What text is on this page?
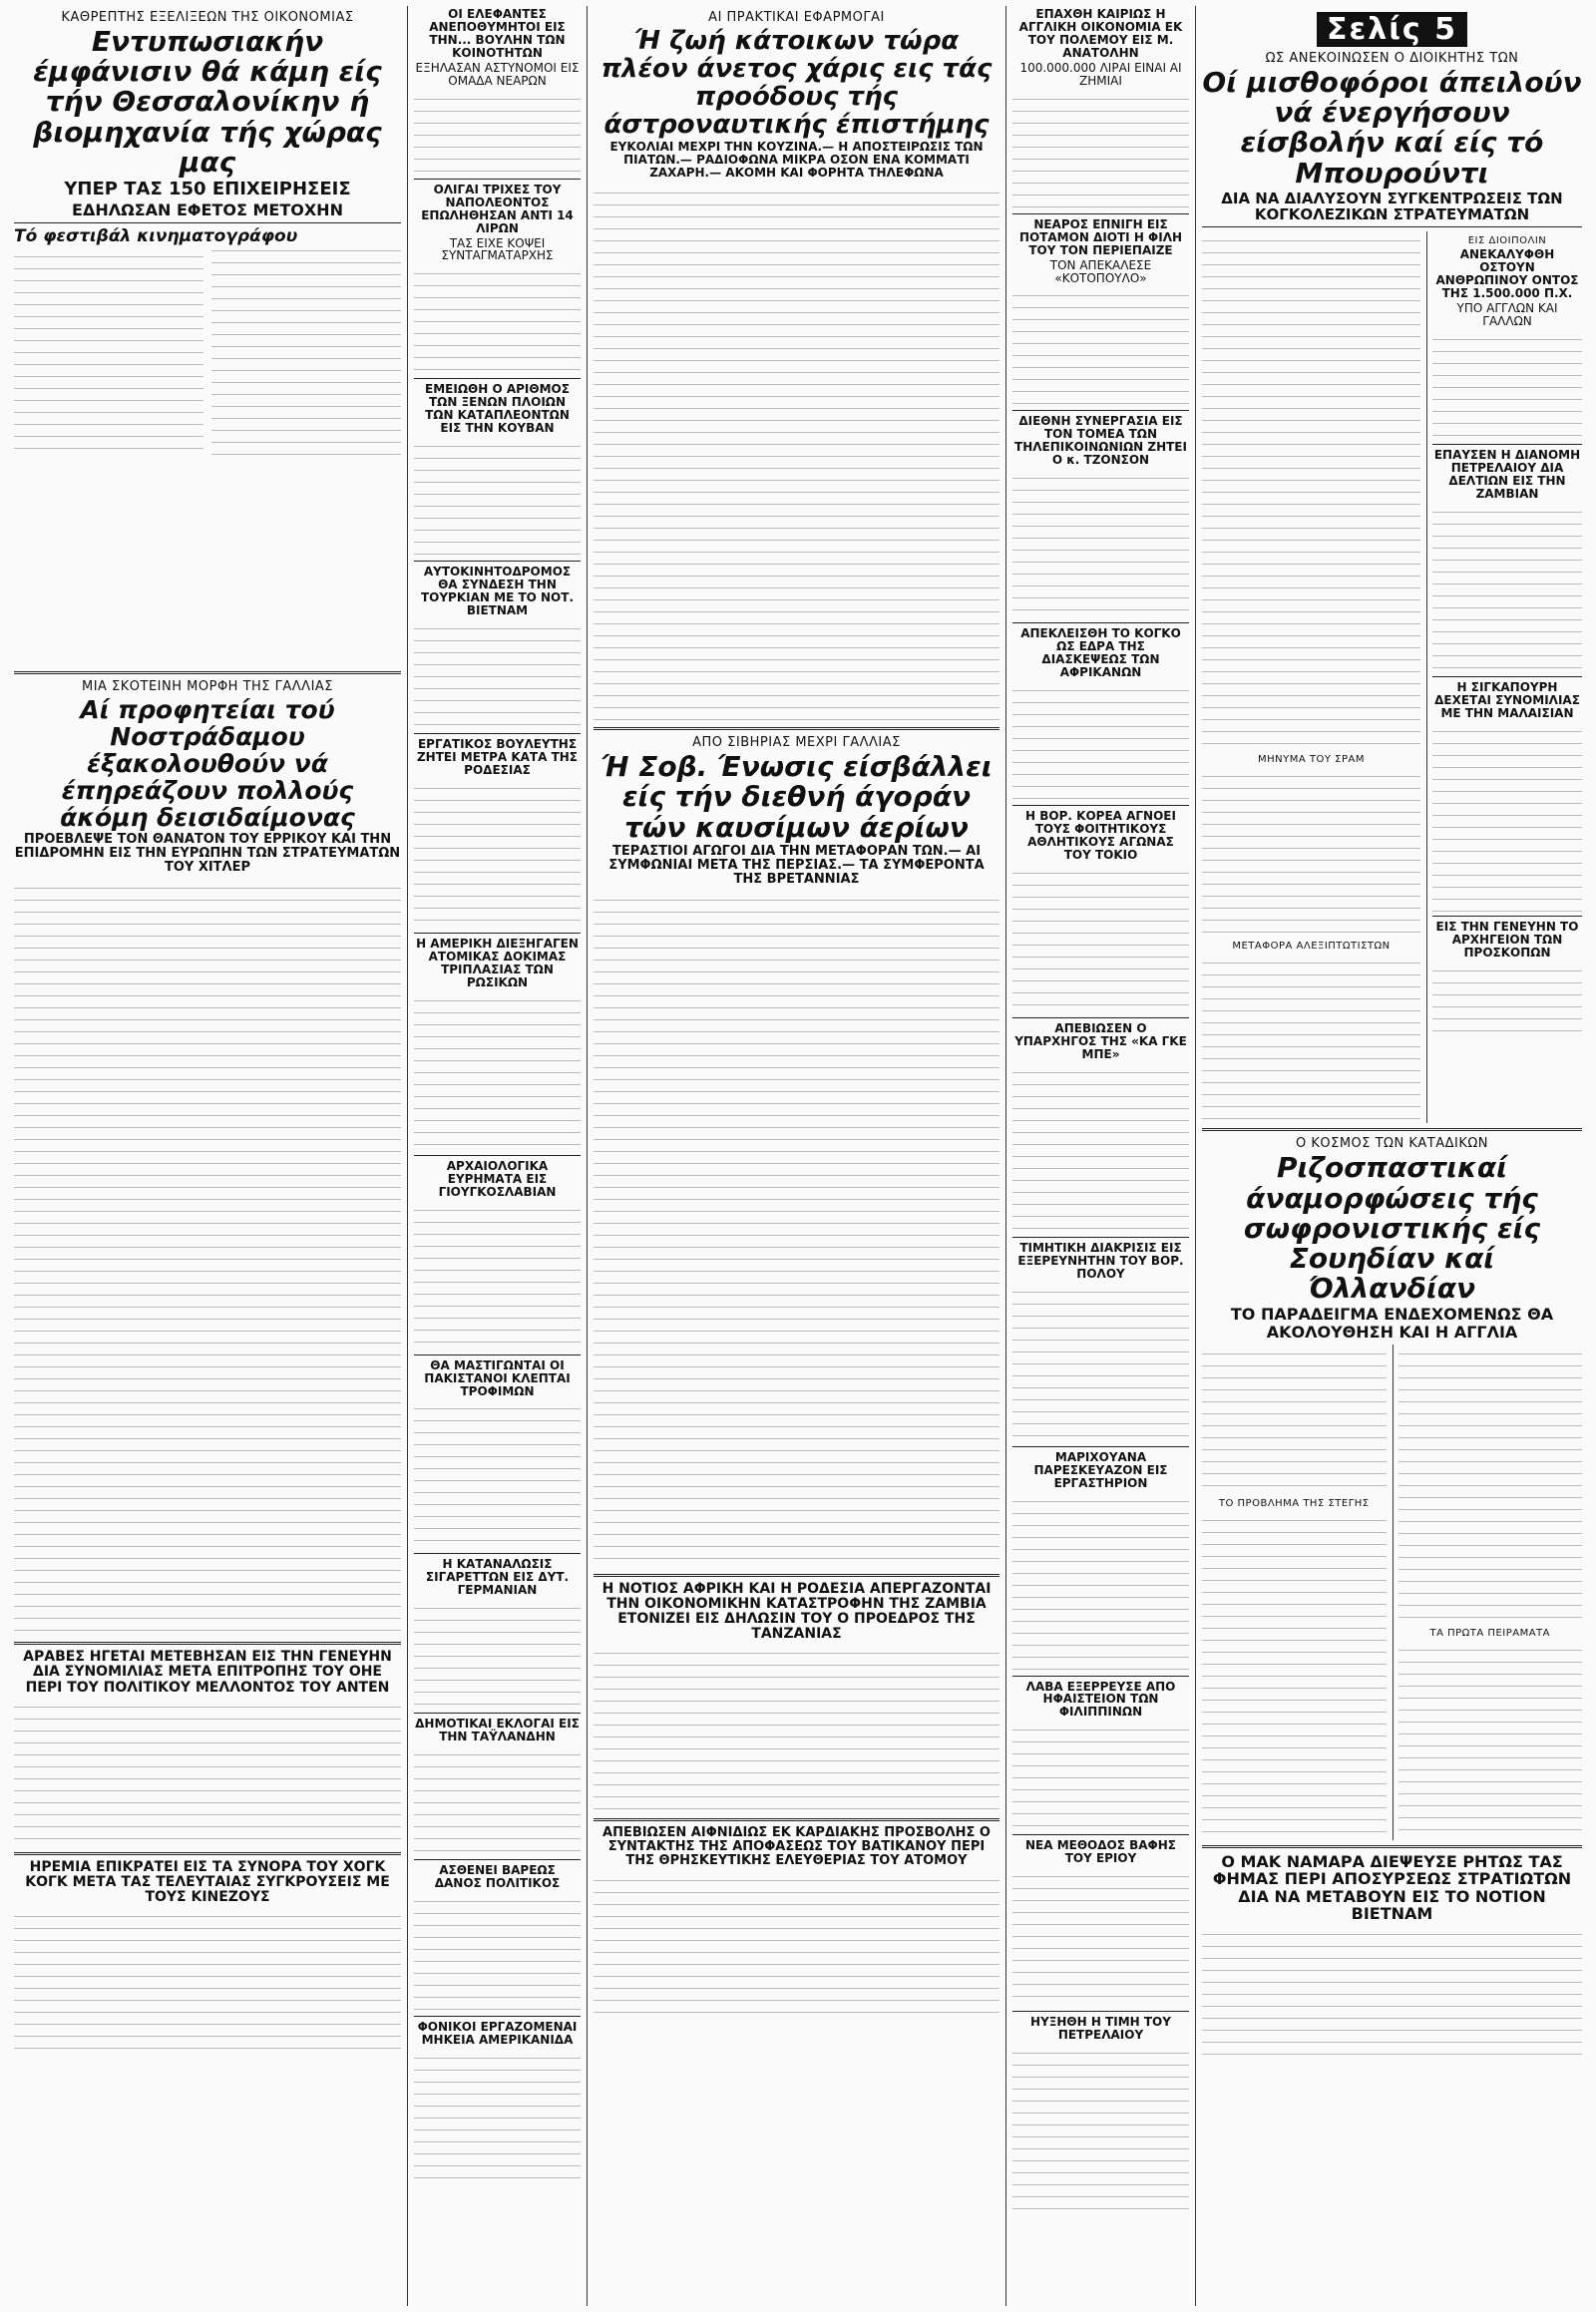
ΚΑΘΡΕΠΤΗΣ ΕΞΕΛΙΞΕΩΝ ΤΗΣ ΟΙΚΟΝΟΜΙΑΣ
Εντυπωσιακήν έμφάνισιν θά κάμη είς τήν Θεσσαλονίκην ή βιομηχανία τής χώρας μας
ΥΠΕΡ ΤΑΣ 150 ΕΠΙΧΕΙΡΗΣΕΙΣ
ΕΔΗΛΩΣΑΝ ΕΦΕΤΟΣ ΜΕΤΟΧΗΝ
Τό φεστιβάλ κινηματογράφου
ΜΙΑ ΣΚΟΤΕΙΝΗ ΜΟΡΦΗ ΤΗΣ ΓΑΛΛΙΑΣ
Αί προφητείαι τού Νοστράδαμου έξακολουθούν νά έπηρεάζουν πολλούς άκόμη δεισιδαίμονας
ΠΡΟΕΒΛΕΨΕ ΤΟΝ ΘΑΝΑΤΟΝ ΤΟΥ ΕΡΡΙΚΟΥ ΚΑΙ ΤΗΝ ΕΠΙΔΡΟΜΗΝ ΕΙΣ ΤΗΝ ΕΥΡΩΠΗΝ ΤΩΝ ΣΤΡΑΤΕΥΜΑΤΩΝ ΤΟΥ ΧΙΤΛΕΡ
ΑΡΑΒΕΣ ΗΓΕΤΑΙ ΜΕΤΕΒΗΣΑΝ ΕΙΣ ΤΗΝ ΓΕΝΕΥΗΝ ΔΙΑ ΣΥΝΟΜΙΛΙΑΣ ΜΕΤΑ ΕΠΙΤΡΟΠΗΣ ΤΟΥ ΟΗΕ ΠΕΡΙ ΤΟΥ ΠΟΛΙΤΙΚΟΥ ΜΕΛΛΟΝΤΟΣ ΤΟΥ ΑΝΤΕΝ
ΗΡΕΜΙΑ ΕΠΙΚΡΑΤΕΙ ΕΙΣ ΤΑ ΣΥΝΟΡΑ ΤΟΥ ΧΟΓΚ ΚΟΓΚ ΜΕΤΑ ΤΑΣ ΤΕΛΕΥΤΑΙΑΣ ΣΥΓΚΡΟΥΣΕΙΣ ΜΕ ΤΟΥΣ ΚΙΝΕΖΟΥΣ
ΟΙ ΕΛΕΦΑΝΤΕΣ ΑΝΕΠΟΘΥΜΗΤΟΙ ΕΙΣ ΤΗΝ... ΒΟΥΛΗΝ ΤΩΝ ΚΟΙΝΟΤΗΤΩΝ
ΕΞΗΛΑΣΑΝ ΑΣΤΥΝΟΜΟΙ ΕΙΣ ΟΜΑΔΑ ΝΕΑΡΩΝ
ΟΛΙΓΑΙ ΤΡΙΧΕΣ ΤΟΥ ΝΑΠΟΛΕΟΝΤΟΣ ΕΠΩΛΗΘΗΣΑΝ ΑΝΤΙ 14 ΛΙΡΩΝ
ΤΑΣ ΕΙΧΕ ΚΟΨΕΙ ΣΥΝΤΑΓΜΑΤΑΡΧΗΣ
ΕΜΕΙΩΘΗ Ο ΑΡΙΘΜΟΣ ΤΩΝ ΞΕΝΩΝ ΠΛΟΙΩΝ ΤΩΝ ΚΑΤΑΠΛΕΟΝΤΩΝ ΕΙΣ ΤΗΝ ΚΟΥΒΑΝ
ΑΥΤΟΚΙΝΗΤΟΔΡΟΜΟΣ ΘΑ ΣΥΝΔΕΣΗ ΤΗΝ ΤΟΥΡΚΙΑΝ ΜΕ ΤΟ ΝΟΤ. ΒΙΕΤΝΑΜ
ΕΡΓΑΤΙΚΟΣ ΒΟΥΛΕΥΤΗΣ ΖΗΤΕΙ ΜΕΤΡΑ ΚΑΤΑ ΤΗΣ ΡΟΔΕΣΙΑΣ
Η ΑΜΕΡΙΚΗ ΔΙΕΞΗΓΑΓΕΝ ΑΤΟΜΙΚΑΣ ΔΟΚΙΜΑΣ ΤΡΙΠΛΑΣΙΑΣ ΤΩΝ ΡΩΣΙΚΩΝ
ΑΡΧΑΙΟΛΟΓΙΚΑ ΕΥΡΗΜΑΤΑ ΕΙΣ ΓΙΟΥΓΚΟΣΛΑΒΙΑΝ
ΘΑ ΜΑΣΤΙΓΩΝΤΑΙ ΟΙ ΠΑΚΙΣΤΑΝΟΙ ΚΛΕΠΤΑΙ ΤΡΟΦΙΜΩΝ
Η ΚΑΤΑΝΑΛΩΣΙΣ ΣΙΓΑΡΕΤΤΩΝ ΕΙΣ ΔΥΤ. ΓΕΡΜΑΝΙΑΝ
ΔΗΜΟΤΙΚΑΙ ΕΚΛΟΓΑΙ ΕΙΣ ΤΗΝ ΤΑΫΛΑΝΔΗΝ
ΑΣΘΕΝΕΙ ΒΑΡΕΩΣ ΔΑΝΟΣ ΠΟΛΙΤΙΚΟΣ
ΦΟΝΙΚΟΙ ΕΡΓΑΖΟΜΕΝΑΙ ΜΗΚΕΙΑ ΑΜΕΡΙΚΑΝΙΔΑ
ΑΙ ΠΡΑΚΤΙΚΑΙ ΕΦΑΡΜΟΓΑΙ
Ή ζωή κάτοικων τώρα πλέον άνετος χάρις εις τάς προόδους τής άστροναυτικής έπιστήμης
ΕΥΚΟΛΙΑΙ ΜΕΧΡΙ ΤΗΝ ΚΟΥΖΙΝΑ.— Η ΑΠΟΣΤΕΙΡΩΣΙΣ ΤΩΝ ΠΙΑΤΩΝ.— ΡΑΔΙΟΦΩΝΑ ΜΙΚΡΑ ΟΣΟΝ ΕΝΑ ΚΟΜΜΑΤΙ ΖΑΧΑΡΗ.— ΑΚΟΜΗ ΚΑΙ ΦΟΡΗΤΑ ΤΗΛΕΦΩΝΑ
ΑΠΟ ΣΙΒΗΡΙΑΣ ΜΕΧΡΙ ΓΑΛΛΙΑΣ
Ή Σοβ. Ένωσις είσβάλλει είς τήν διεθνή άγοράν τών καυσίμων άερίων
ΤΕΡΑΣΤΙΟΙ ΑΓΩΓΟΙ ΔΙΑ ΤΗΝ ΜΕΤΑΦΟΡΑΝ ΤΩΝ.— ΑΙ ΣΥΜΦΩΝΙΑΙ ΜΕΤΑ ΤΗΣ ΠΕΡΣΙΑΣ.— ΤΑ ΣΥΜΦΕΡΟΝΤΑ ΤΗΣ ΒΡΕΤΑΝΝΙΑΣ
Η ΝΟΤΙΟΣ ΑΦΡΙΚΗ ΚΑΙ Η ΡΟΔΕΣΙΑ ΑΠΕΡΓΑΖΟΝΤΑΙ ΤΗΝ ΟΙΚΟΝΟΜΙΚΗΝ ΚΑΤΑΣΤΡΟΦΗΝ ΤΗΣ ΖΑΜΒΙΑ ΕΤΟΝΙΖΕΙ ΕΙΣ ΔΗΛΩΣΙΝ ΤΟΥ Ο ΠΡΟΕΔΡΟΣ ΤΗΣ ΤΑΝΖΑΝΙΑΣ
ΑΠΕΒΙΩΣΕΝ ΑΙΦΝΙΔΙΩΣ ΕΚ ΚΑΡΔΙΑΚΗΣ ΠΡΟΣΒΟΛΗΣ Ο ΣΥΝΤΑΚΤΗΣ ΤΗΣ ΑΠΟΦΑΣΕΩΣ ΤΟΥ ΒΑΤΙΚΑΝΟΥ ΠΕΡΙ ΤΗΣ ΘΡΗΣΚΕΥΤΙΚΗΣ ΕΛΕΥΘΕΡΙΑΣ ΤΟΥ ΑΤΟΜΟΥ
ΕΠΑΧΘΗ ΚΑΙΡΙΩΣ Η ΑΓΓΛΙΚΗ ΟΙΚΟΝΟΜΙΑ ΕΚ ΤΟΥ ΠΟΛΕΜΟΥ ΕΙΣ Μ. ΑΝΑΤΟΛΗΝ
100.000.000 ΛΙΡΑΙ ΕΙΝΑΙ ΑΙ ΖΗΜΙΑΙ
ΝΕΑΡΟΣ ΕΠΝΙΓΗ ΕΙΣ ΠΟΤΑΜΟΝ ΔΙΟΤΙ Η ΦΙΛΗ ΤΟΥ ΤΟΝ ΠΕΡΙΕΠΑΙΖΕ
ΤΟΝ ΑΠΕΚΑΛΕΣΕ «ΚΟΤΟΠΟΥΛΟ»
ΔΙΕΘΝΗ ΣΥΝΕΡΓΑΣΙΑ ΕΙΣ ΤΟΝ ΤΟΜΕΑ ΤΩΝ ΤΗΛΕΠΙΚΟΙΝΩΝΙΩΝ ΖΗΤΕΙ Ο κ. ΤΖΟΝΣΟΝ
ΑΠΕΚΛΕΙΣΘΗ ΤΟ ΚΟΓΚΟ ΩΣ ΕΔΡΑ ΤΗΣ ΔΙΑΣΚΕΨΕΩΣ ΤΩΝ ΑΦΡΙΚΑΝΩΝ
Η ΒΟΡ. ΚΟΡΕΑ ΑΓΝΟΕΙ ΤΟΥΣ ΦΟΙΤΗΤΙΚΟΥΣ ΑΘΛΗΤΙΚΟΥΣ ΑΓΩΝΑΣ ΤΟΥ ΤΟΚΙΟ
ΑΠΕΒΙΩΣΕΝ Ο ΥΠΑΡΧΗΓΟΣ ΤΗΣ «ΚΑ ΓΚΕ ΜΠΕ»
ΤΙΜΗΤΙΚΗ ΔΙΑΚΡΙΣΙΣ ΕΙΣ ΕΞΕΡΕΥΝΗΤΗΝ ΤΟΥ ΒΟΡ. ΠΟΛΟΥ
ΜΑΡΙΧΟΥΑΝΑ ΠΑΡΕΣΚΕΥΑΖΟΝ ΕΙΣ ΕΡΓΑΣΤΗΡΙΟΝ
ΛΑΒΑ ΕΞΕΡΡΕΥΣΕ ΑΠΟ ΗΦΑΙΣΤΕΙΟΝ ΤΩΝ ΦΙΛΙΠΠΙΝΩΝ
ΝΕΑ ΜΕΘΟΔΟΣ ΒΑΦΗΣ ΤΟΥ ΕΡΙΟΥ
ΗΥΞΗΘΗ Η ΤΙΜΗ ΤΟΥ ΠΕΤΡΕΛΑΙΟΥ
Σελίς 5
ΩΣ ΑΝΕΚΟΙΝΩΣΕΝ Ο ΔΙΟΙΚΗΤΗΣ ΤΩΝ
Οί μισθοφόροι άπειλούν νά ένεργήσουν είσβολήν καί είς τό Μπουρούντι
ΔΙΑ ΝΑ ΔΙΑΛΥΣΟΥΝ ΣΥΓΚΕΝΤΡΩΣΕΙΣ ΤΩΝ ΚΟΓΚΟΛΕΖΙΚΩΝ ΣΤΡΑΤΕΥΜΑΤΩΝ
ΜΗΝΥΜΑ ΤΟΥ ΣΡΑΜ
ΜΕΤΑΦΟΡΑ ΑΛΕΞΙΠΤΩΤΙΣΤΩΝ
ΕΙΣ ΔΙΟΙΠΟΛΙΝ
ΑΝΕΚΑΛΥΦΘΗ ΟΣΤΟΥΝ ΑΝΘΡΩΠΙΝΟΥ ΟΝΤΟΣ ΤΗΣ 1.500.000 Π.Χ.
ΥΠΟ ΑΓΓΛΩΝ ΚΑΙ ΓΑΛΛΩΝ
ΕΠΑΥΣΕΝ Η ΔΙΑΝΟΜΗ ΠΕΤΡΕΛΑΙΟΥ ΔΙΑ ΔΕΛΤΙΩΝ ΕΙΣ ΤΗΝ ΖΑΜΒΙΑΝ
Η ΣΙΓΚΑΠΟΥΡΗ ΔΕΧΕΤΑΙ ΣΥΝΟΜΙΛΙΑΣ ΜΕ ΤΗΝ ΜΑΛΑΙΣΙΑΝ
ΕΙΣ ΤΗΝ ΓΕΝΕΥΗΝ ΤΟ ΑΡΧΗΓΕΙΟΝ ΤΩΝ ΠΡΟΣΚΟΠΩΝ
Ο ΚΟΣΜΟΣ ΤΩΝ ΚΑΤΑΔΙΚΩΝ
Ριζοσπαστικαί άναμορφώσεις τής σωφρονιστικής είς Σουηδίαν καί Όλλανδίαν
ΤΟ ΠΑΡΑΔΕΙΓΜΑ ΕΝΔΕΧΟΜΕΝΩΣ ΘΑ ΑΚΟΛΟΥΘΗΣΗ ΚΑΙ Η ΑΓΓΛΙΑ
ΤΟ ΠΡΟΒΛΗΜΑ ΤΗΣ ΣΤΕΓΗΣ
ΤΑ ΠΡΩΤΑ ΠΕΙΡΑΜΑΤΑ
Ο ΜΑΚ ΝΑΜΑΡΑ ΔΙΕΨΕΥΣΕ ΡΗΤΩΣ ΤΑΣ ΦΗΜΑΣ ΠΕΡΙ ΑΠΟΣΥΡΣΕΩΣ ΣΤΡΑΤΙΩΤΩΝ ΔΙΑ ΝΑ ΜΕΤΑΒΟΥΝ ΕΙΣ ΤΟ ΝΟΤΙΟΝ ΒΙΕΤΝΑΜ
